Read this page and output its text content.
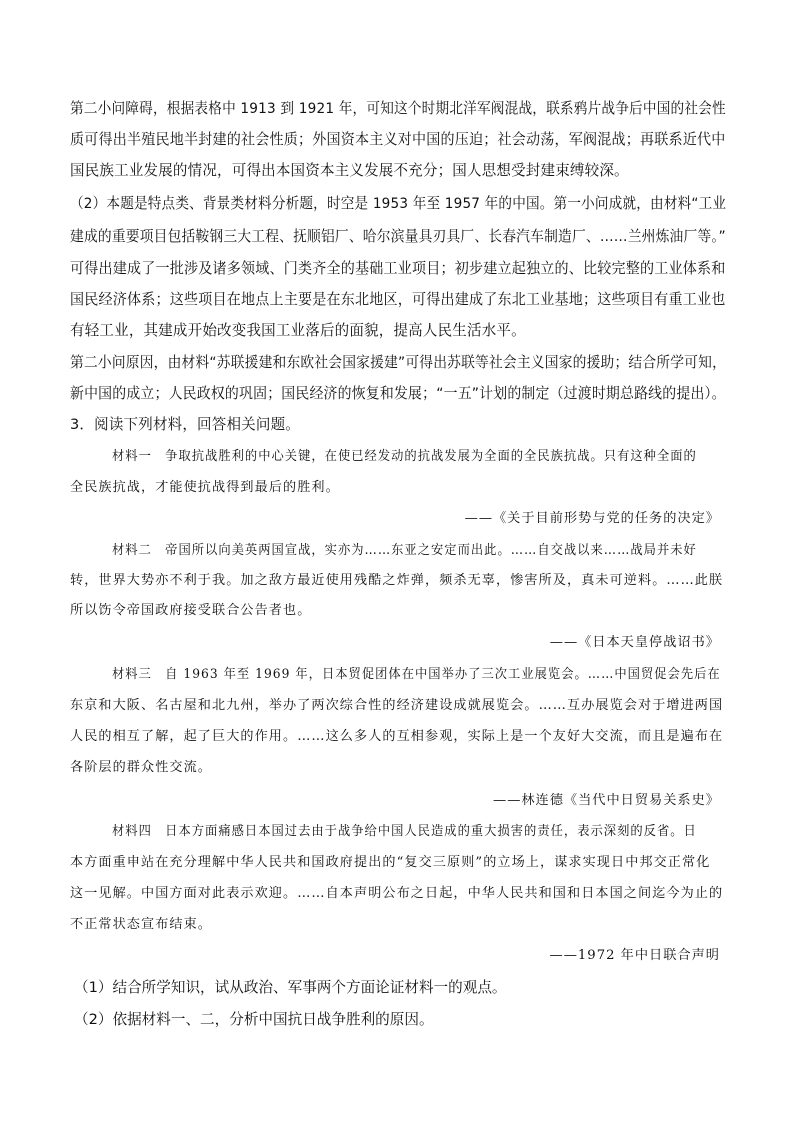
第二小问障碍，根据表格中 1913 到 1921 年，可知这个时期北洋军阀混战，联系鸦片战争后中国的社会性
质可得出半殖民地半封建的社会性质；外国资本主义对中国的压迫；社会动荡，军阀混战；再联系近代中
国民族工业发展的情况，可得出本国资本主义发展不充分；国人思想受封建束缚较深。
（2）本题是特点类、背景类材料分析题，时空是 1953 年至 1957 年的中国。第一小问成就，由材料“工业
建成的重要项目包括鞍钢三大工程、抚顺铝厂、哈尔滨量具刃具厂、长春汽车制造厂、……兰州炼油厂等。”
可得出建成了一批涉及诸多领域、门类齐全的基础工业项目；初步建立起独立的、比较完整的工业体系和
国民经济体系；这些项目在地点上主要是在东北地区，可得出建成了东北工业基地；这些项目有重工业也
有轻工业，其建成开始改变我国工业落后的面貌，提高人民生活水平。
第二小问原因，由材料“苏联援建和东欧社会国家援建”可得出苏联等社会主义国家的援助；结合所学可知，
新中国的成立；人民政权的巩固；国民经济的恢复和发展；“一五”计划的制定（过渡时期总路线的提出）。
3．阅读下列材料，回答相关问题。
材料一　争取抗战胜利的中心关键，在使已经发动的抗战发展为全面的全民族抗战。只有这种全面的
全民族抗战，才能使抗战得到最后的胜利。
——《关于目前形势与党的任务的决定》
材料二　帝国所以向美英两国宣战，实亦为……东亚之安定而出此。……自交战以来……战局并未好
转，世界大势亦不利于我。加之敌方最近使用残酷之炸弹，频杀无辜，惨害所及，真未可逆料。……此朕
所以饬令帝国政府接受联合公告者也。
——《日本天皇停战诏书》
材料三　自 1963 年至 1969 年，日本贸促团体在中国举办了三次工业展览会。……中国贸促会先后在
东京和大阪、名古屋和北九州，举办了两次综合性的经济建设成就展览会。……互办展览会对于增进两国
人民的相互了解，起了巨大的作用。……这么多人的互相参观，实际上是一个友好大交流，而且是遍布在
各阶层的群众性交流。
——林连德《当代中日贸易关系史》
材料四　日本方面痛感日本国过去由于战争给中国人民造成的重大损害的责任，表示深刻的反省。日
本方面重申站在充分理解中华人民共和国政府提出的“复交三原则”的立场上，谋求实现日中邦交正常化
这一见解。中国方面对此表示欢迎。……自本声明公布之日起，中华人民共和国和日本国之间迄今为止的
不正常状态宣布结束。
——1972 年中日联合声明
（1）结合所学知识，试从政治、军事两个方面论证材料一的观点。
（2）依据材料一、二，分析中国抗日战争胜利的原因。
